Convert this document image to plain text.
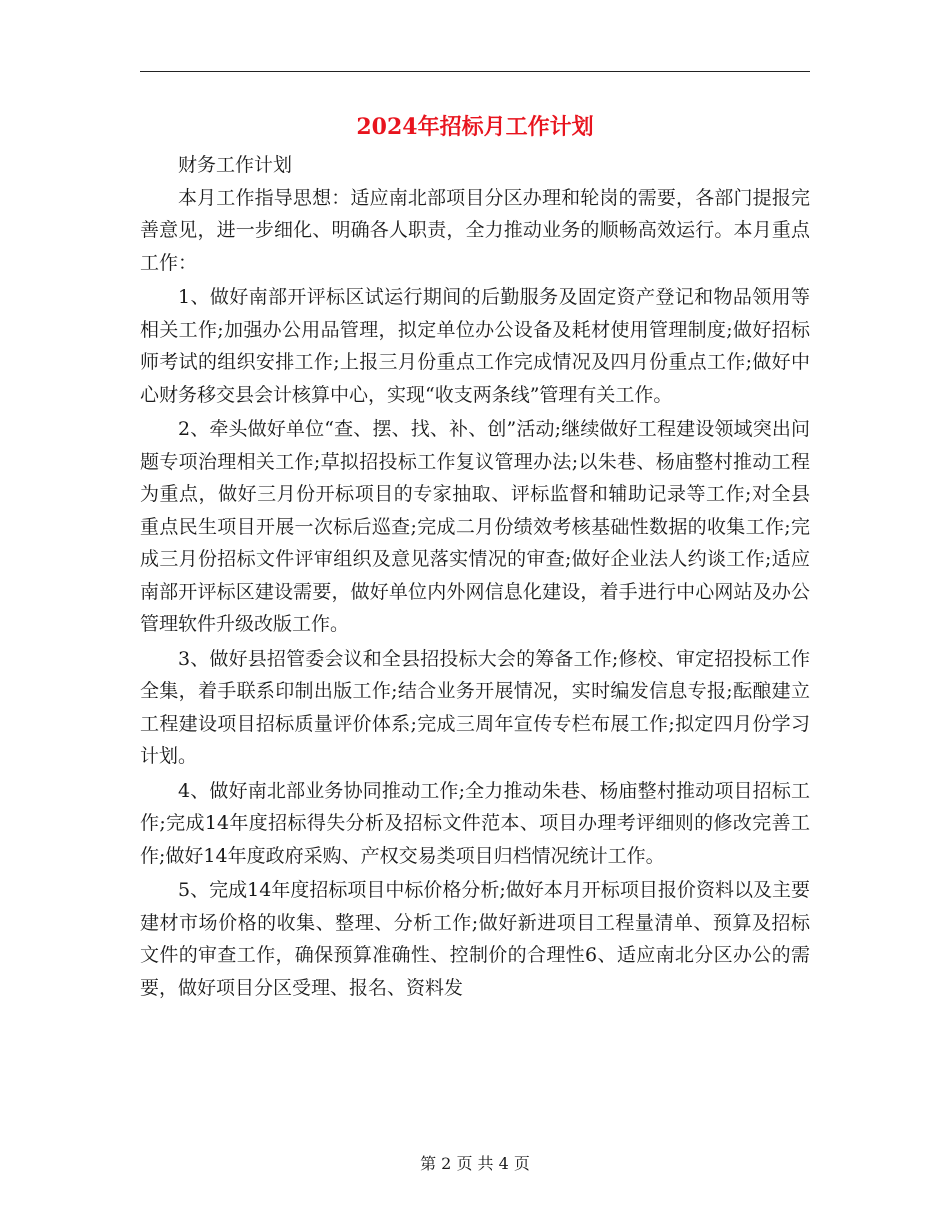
2024年招标月工作计划

财务工作计划

本月工作指导思想：适应南北部项目分区办理和轮岗的需要，各部门提报完善意见，进一步细化、明确各人职责，全力推动业务的顺畅高效运行。本月重点工作：

1、做好南部开评标区试运行期间的后勤服务及固定资产登记和物品领用等相关工作;加强办公用品管理，拟定单位办公设备及耗材使用管理制度;做好招标师考试的组织安排工作;上报三月份重点工作完成情况及四月份重点工作;做好中心财务移交县会计核算中心，实现“收支两条线”管理有关工作。

2、牵头做好单位“查、摆、找、补、创”活动;继续做好工程建设领域突出问题专项治理相关工作;草拟招投标工作复议管理办法;以朱巷、杨庙整村推动工程为重点，做好三月份开标项目的专家抽取、评标监督和辅助记录等工作;对全县重点民生项目开展一次标后巡查;完成二月份绩效考核基础性数据的收集工作;完成三月份招标文件评审组织及意见落实情况的审查;做好企业法人约谈工作;适应南部开评标区建设需要，做好单位内外网信息化建设，着手进行中心网站及办公管理软件升级改版工作。

3、做好县招管委会议和全县招投标大会的筹备工作;修校、审定招投标工作全集，着手联系印制出版工作;结合业务开展情况，实时编发信息专报;酝酿建立工程建设项目招标质量评价体系;完成三周年宣传专栏布展工作;拟定四月份学习计划。

4、做好南北部业务协同推动工作;全力推动朱巷、杨庙整村推动项目招标工作;完成14年度招标得失分析及招标文件范本、项目办理考评细则的修改完善工作;做好14年度政府采购、产权交易类项目归档情况统计工作。

5、完成14年度招标项目中标价格分析;做好本月开标项目报价资料以及主要建材市场价格的收集、整理、分析工作;做好新进项目工程量清单、预算及招标文件的审查工作，确保预算准确性、控制价的合理性6、适应南北分区办公的需要，做好项目分区受理、报名、资料发

第 2 页 共 4 页
